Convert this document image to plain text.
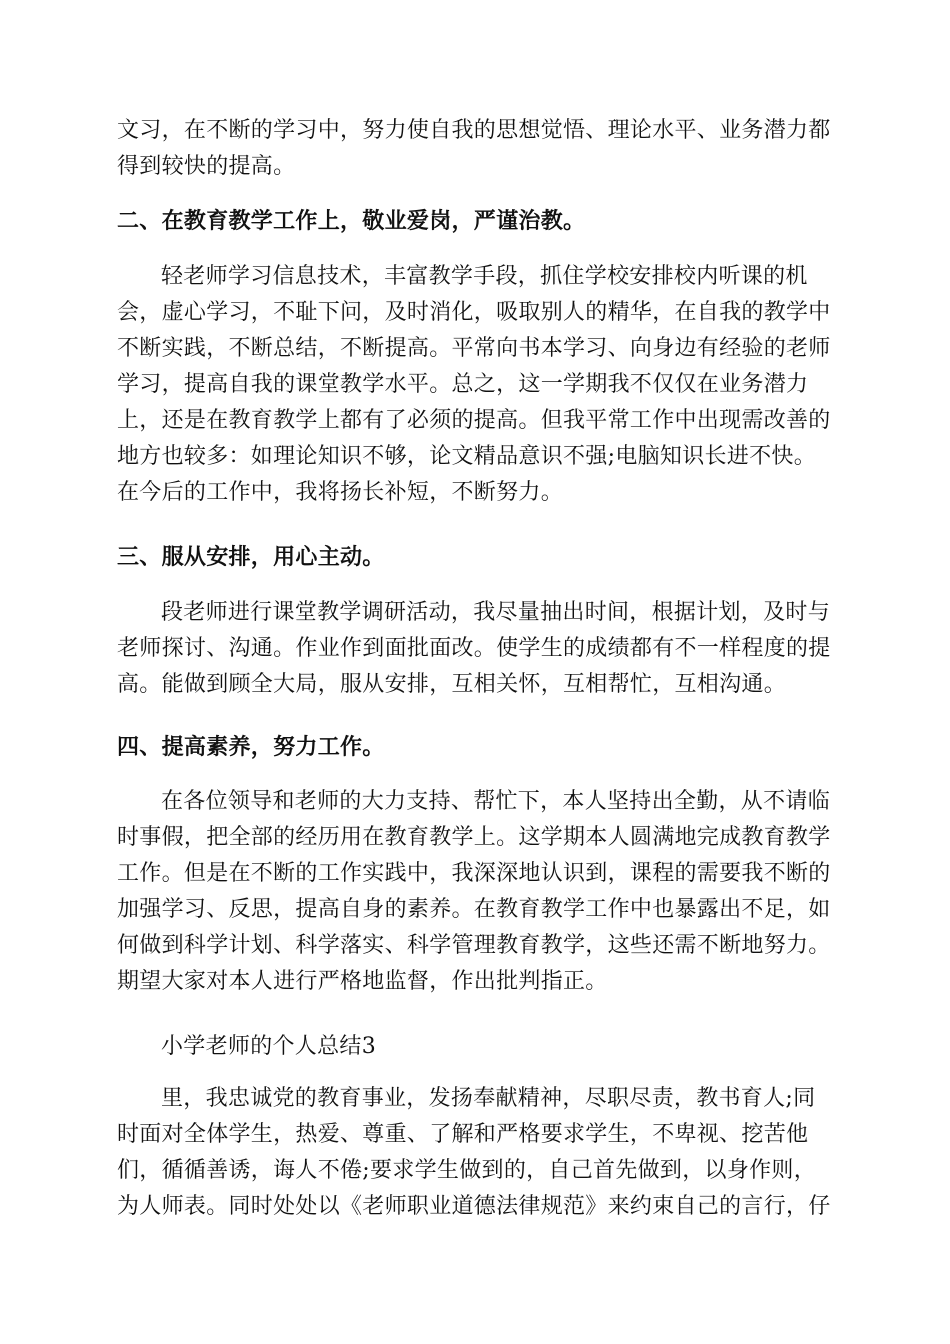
文习，在不断的学习中，努力使自我的思想觉悟、理论水平、业务潜力都
得到较快的提高。
二、在教育教学工作上，敬业爱岗，严谨治教。
轻老师学习信息技术，丰富教学手段，抓住学校安排校内听课的机
会，虚心学习，不耻下问，及时消化，吸取别人的精华，在自我的教学中
不断实践，不断总结，不断提高。平常向书本学习、向身边有经验的老师
学习，提高自我的课堂教学水平。总之，这一学期我不仅仅在业务潜力
上，还是在教育教学上都有了必须的提高。但我平常工作中出现需改善的
地方也较多：如理论知识不够，论文精品意识不强;电脑知识长进不快。
在今后的工作中，我将扬长补短，不断努力。
三、服从安排，用心主动。
段老师进行课堂教学调研活动，我尽量抽出时间，根据计划，及时与
老师探讨、沟通。作业作到面批面改。使学生的成绩都有不一样程度的提
高。能做到顾全大局，服从安排，互相关怀，互相帮忙，互相沟通。
四、提高素养，努力工作。
在各位领导和老师的大力支持、帮忙下，本人坚持出全勤，从不请临
时事假，把全部的经历用在教育教学上。这学期本人圆满地完成教育教学
工作。但是在不断的工作实践中，我深深地认识到，课程的需要我不断的
加强学习、反思，提高自身的素养。在教育教学工作中也暴露出不足，如
何做到科学计划、科学落实、科学管理教育教学，这些还需不断地努力。
期望大家对本人进行严格地监督，作出批判指正。
小学老师的个人总结3
里，我忠诚党的教育事业，发扬奉献精神，尽职尽责，教书育人;同
时面对全体学生，热爱、尊重、了解和严格要求学生，不卑视、挖苦他
们，循循善诱，诲人不倦;要求学生做到的，自己首先做到，以身作则，
为人师表。同时处处以《老师职业道德法律规范》来约束自己的言行，仔
